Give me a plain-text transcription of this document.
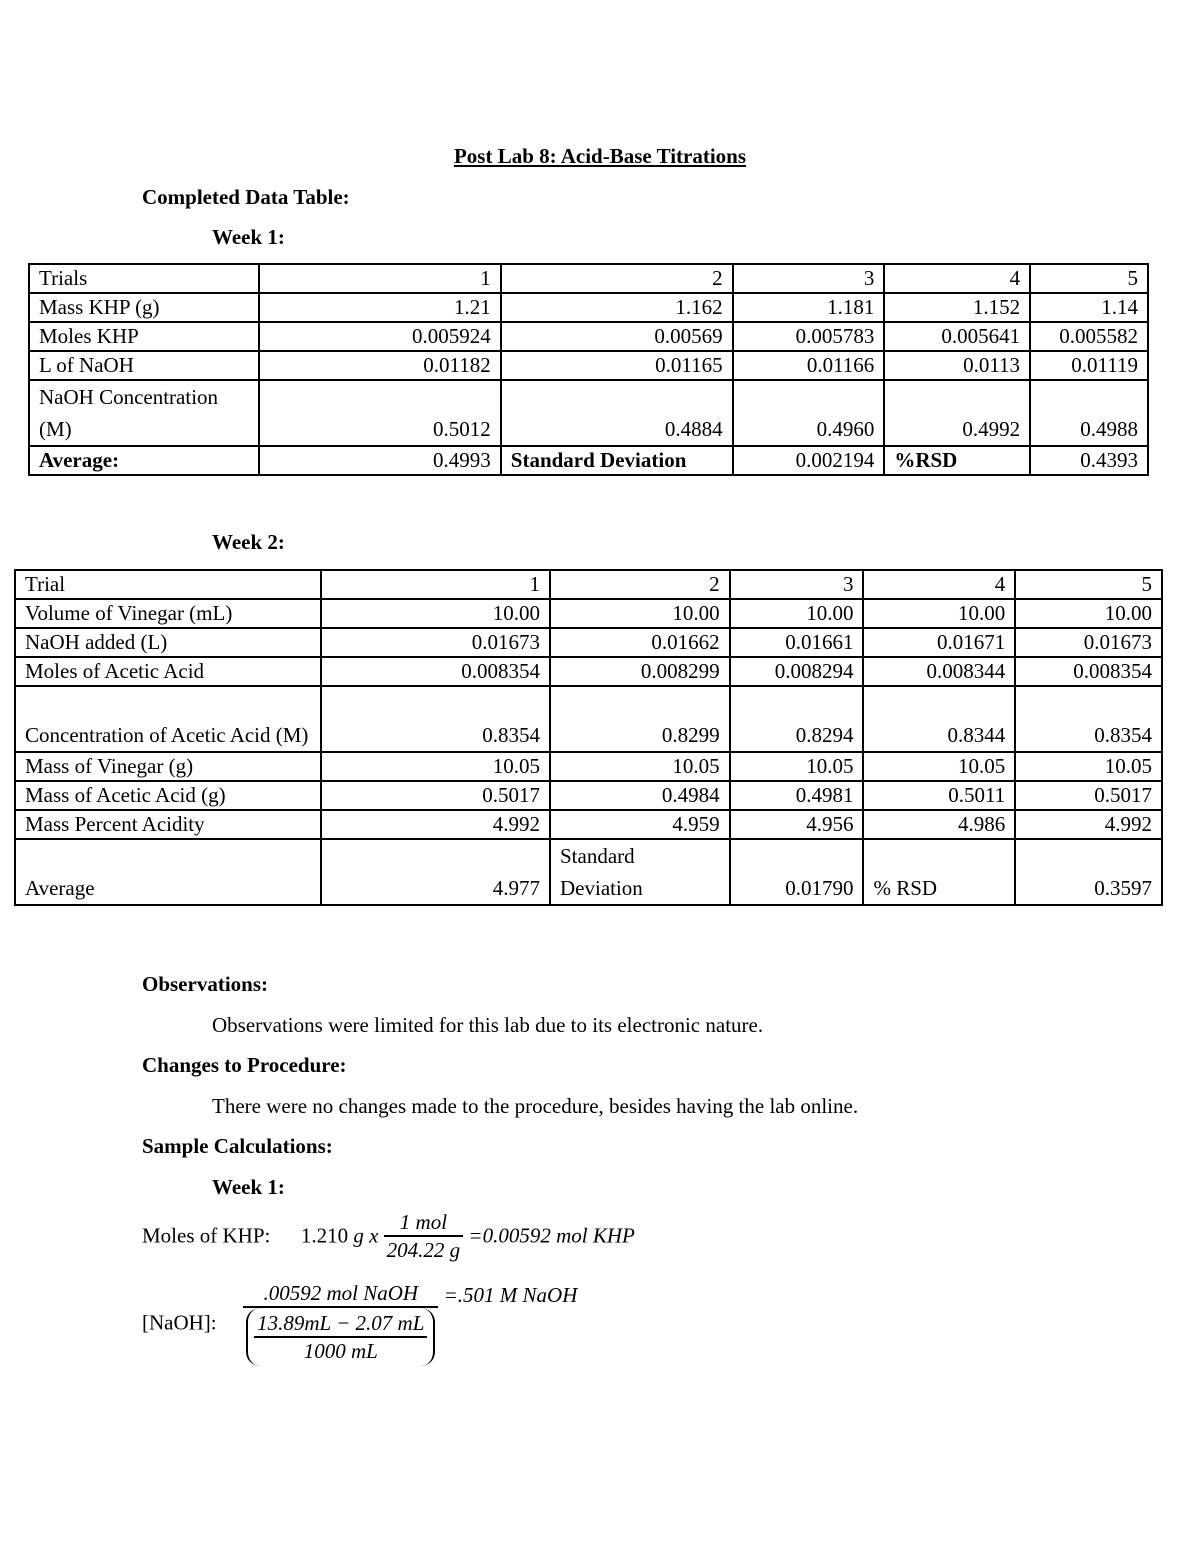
Post Lab 8: Acid-Base Titrations
Completed Data Table:
Week 1:
Trials	1	2	3	4	5
Mass KHP (g)	1.21	1.162	1.181	1.152	1.14
Moles KHP	0.005924	0.00569	0.005783	0.005641	0.005582
L of NaOH	0.01182	0.01165	0.01166	0.0113	0.01119
NaOH Concentration (M)	0.5012	0.4884	0.4960	0.4992	0.4988
Average:	0.4993	Standard Deviation	0.002194	%RSD	0.4393
Week 2:
Trial	1	2	3	4	5
Volume of Vinegar (mL)	10.00	10.00	10.00	10.00	10.00
NaOH added (L)	0.01673	0.01662	0.01661	0.01671	0.01673
Moles of Acetic Acid	0.008354	0.008299	0.008294	0.008344	0.008354
Concentration of Acetic Acid (M)	0.8354	0.8299	0.8294	0.8344	0.8354
Mass of Vinegar (g)	10.05	10.05	10.05	10.05	10.05
Mass of Acetic Acid (g)	0.5017	0.4984	0.4981	0.5011	0.5017
Mass Percent Acidity	4.992	4.959	4.956	4.986	4.992
Average	4.977	Standard Deviation	0.01790	% RSD	0.3597
Observations:
Observations were limited for this lab due to its electronic nature.
Changes to Procedure:
There were no changes made to the procedure, besides having the lab online.
Sample Calculations:
Week 1:
Moles of KHP: 1.210 g x $\frac{\text{1 mol}}{204.22 g} =0.00592$ mol KHP
[NaOH]: $\frac{\text{.00592 mol NaOH}}{\frac{13.89mL - 2.07 mL}{1000 mL}} =.501$ M NaOH
